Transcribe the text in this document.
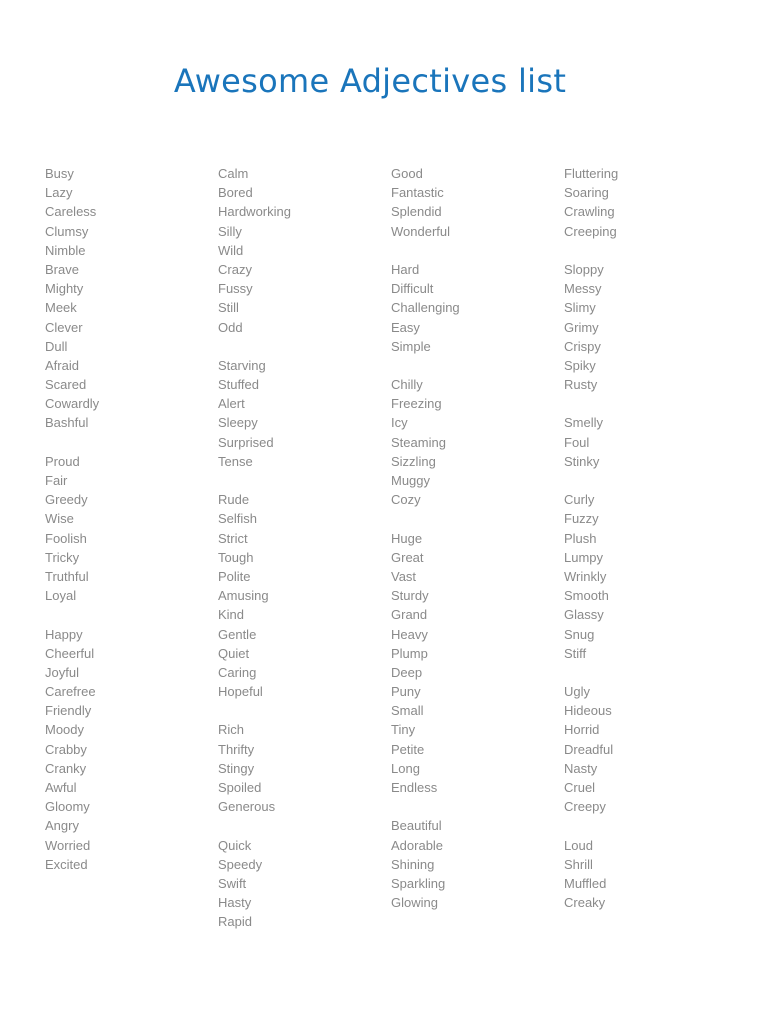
Awesome Adjectives list
Busy
Lazy
Careless
Clumsy
Nimble
Brave
Mighty
Meek
Clever
Dull
Afraid
Scared
Cowardly
Bashful
Proud
Fair
Greedy
Wise
Foolish
Tricky
Truthful
Loyal
Happy
Cheerful
Joyful
Carefree
Friendly
Moody
Crabby
Cranky
Awful
Gloomy
Angry
Worried
Excited
Calm
Bored
Hardworking
Silly
Wild
Crazy
Fussy
Still
Odd
Starving
Stuffed
Alert
Sleepy
Surprised
Tense
Rude
Selfish
Strict
Tough
Polite
Amusing
Kind
Gentle
Quiet
Caring
Hopeful
Rich
Thrifty
Stingy
Spoiled
Generous
Quick
Speedy
Swift
Hasty
Rapid
Good
Fantastic
Splendid
Wonderful
Hard
Difficult
Challenging
Easy
Simple
Chilly
Freezing
Icy
Steaming
Sizzling
Muggy
Cozy
Huge
Great
Vast
Sturdy
Grand
Heavy
Plump
Deep
Puny
Small
Tiny
Petite
Long
Endless
Beautiful
Adorable
Shining
Sparkling
Glowing
Fluttering
Soaring
Crawling
Creeping
Sloppy
Messy
Slimy
Grimy
Crispy
Spiky
Rusty
Smelly
Foul
Stinky
Curly
Fuzzy
Plush
Lumpy
Wrinkly
Smooth
Glassy
Snug
Stiff
Ugly
Hideous
Horrid
Dreadful
Nasty
Cruel
Creepy
Loud
Shrill
Muffled
Creaky
